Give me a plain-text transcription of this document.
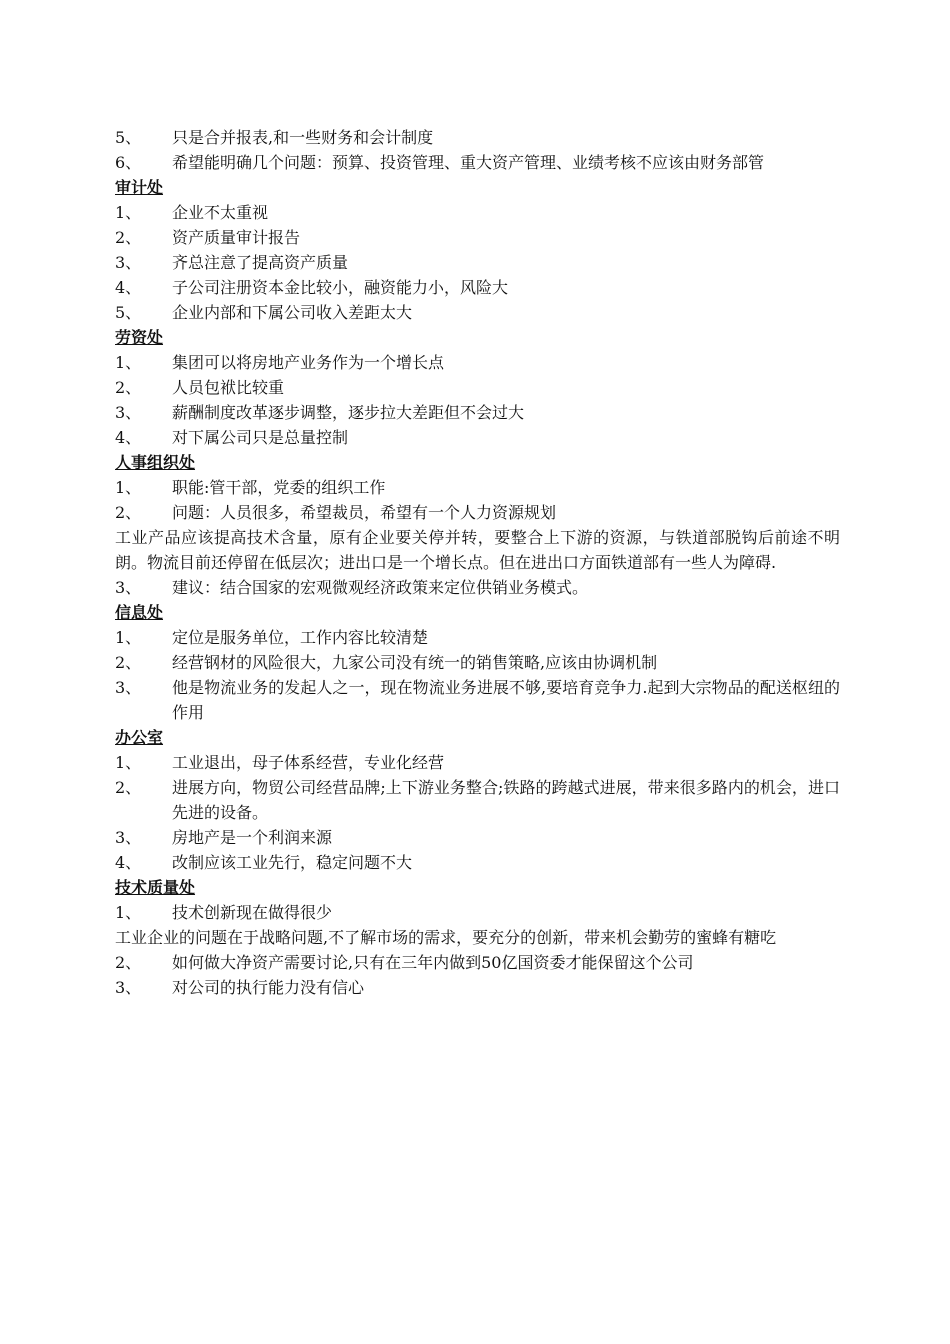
5、	只是合并报表,和一些财务和会计制度
6、	希望能明确几个问题：预算、投资管理、重大资产管理、业绩考核不应该由财务部管
审计处
1、	企业不太重视
2、	资产质量审计报告
3、	齐总注意了提高资产质量
4、	子公司注册资本金比较小，融资能力小，风险大
5、	企业内部和下属公司收入差距太大
劳资处
1、	集团可以将房地产业务作为一个增长点
2、	人员包袱比较重
3、	薪酬制度改革逐步调整，逐步拉大差距但不会过大
4、	对下属公司只是总量控制
人事组织处
1、	职能:管干部，党委的组织工作
2、	问题：人员很多，希望裁员，希望有一个人力资源规划
工业产品应该提高技术含量，原有企业要关停并转，要整合上下游的资源，与铁道部脱钩后前途不明朗。物流目前还停留在低层次；进出口是一个增长点。但在进出口方面铁道部有一些人为障碍.
3、	建议：结合国家的宏观微观经济政策来定位供销业务模式。
信息处
1、	定位是服务单位，工作内容比较清楚
2、	经营钢材的风险很大，九家公司没有统一的销售策略,应该由协调机制
3、	他是物流业务的发起人之一，现在物流业务进展不够,要培育竞争力.起到大宗物品的配送枢纽的作用
办公室
1、	工业退出，母子体系经营，专业化经营
2、	进展方向，物贸公司经营品牌;上下游业务整合;铁路的跨越式进展，带来很多路内的机会，进口先进的设备。
3、	房地产是一个利润来源
4、	改制应该工业先行，稳定问题不大
技术质量处
1、	技术创新现在做得很少
工业企业的问题在于战略问题,不了解市场的需求，要充分的创新，带来机会勤劳的蜜蜂有糖吃
2、	如何做大净资产需要讨论,只有在三年内做到50亿国资委才能保留这个公司
3、	对公司的执行能力没有信心
